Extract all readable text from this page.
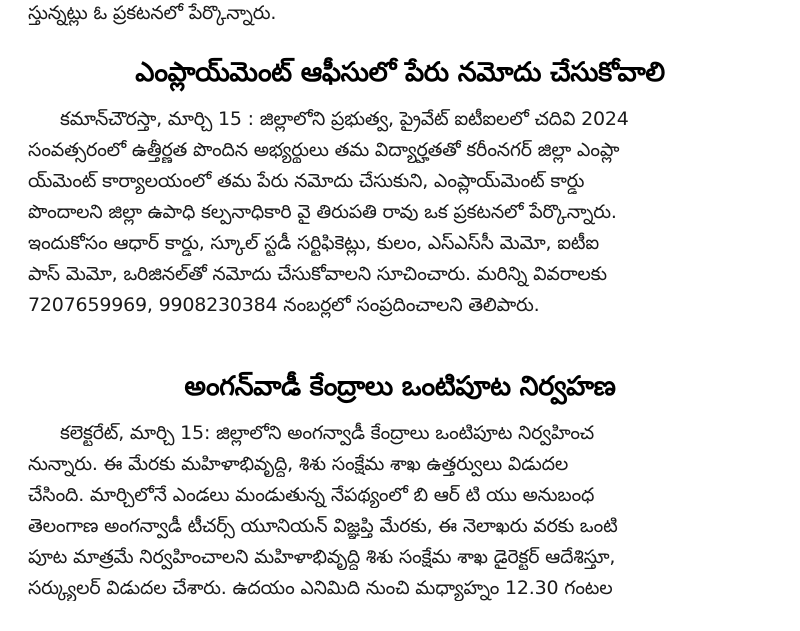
స్తున్నట్లు ఓ ప్రకటనలో పేర్కొన్నారు.
ఎంప్లాయ్‌మెంట్ ఆఫీసులో పేరు నమోదు చేసుకోవాలి
కమాన్‌చౌరస్తా, మార్చి 15 : జిల్లాలోని ప్రభుత్వ, ప్రైవేట్ ఐటీఐలలో చదివి 2024
సంవత్సరంలో ఉత్తీర్ణత పొందిన అభ్యర్థులు తమ విద్యార్హతతో కరీంనగర్ జిల్లా ఎంప్లా
య్‌మెంట్ కార్యాలయంలో తమ పేరు నమోదు చేసుకుని, ఎంప్లాయ్‌మెంట్ కార్డు
పొందాలని జిల్లా ఉపాధి కల్పనాధికారి వై తిరుపతి రావు ఒక ప్రకటనలో పేర్కొన్నారు.
ఇందుకోసం ఆధార్ కార్డు, స్కూల్ స్టడీ సర్టిఫికెట్లు, కులం, ఎస్‌ఎస్‌సీ మెమో, ఐటీఐ
పాస్ మెమో, ఒరిజినల్‌తో నమోదు చేసుకోవాలని సూచించారు. మరిన్ని వివరాలకు
7207659969, 9908230384 నంబర్లలో సంప్రదించాలని తెలిపారు.
అంగన్‌వాడీ కేంద్రాలు ఒంటిపూట నిర్వహణ
కలెక్టరేట్, మార్చి 15: జిల్లాలోని అంగన్వాడీ కేంద్రాలు ఒంటిపూట నిర్వహించ
నున్నారు. ఈ మేరకు మహిళాభివృద్ధి, శిశు సంక్షేమ శాఖ ఉత్తర్వులు విడుదల
చేసింది. మార్చిలోనే ఎండలు మండుతున్న నేపథ్యంలో బి ఆర్ టి యు అనుబంధ
తెలంగాణ అంగన్వాడీ టీచర్స్ యూనియన్ విజ్ఞప్తి మేరకు, ఈ నెలాఖరు వరకు ఒంటి
పూట మాత్రమే నిర్వహించాలని మహిళాభివృద్ధి శిశు సంక్షేమ శాఖ డైరెక్టర్ ఆదేశిస్తూ,
సర్క్యులర్ విడుదల చేశారు. ఉదయం ఎనిమిది నుంచి మధ్యాహ్నం 12.30 గంటల
